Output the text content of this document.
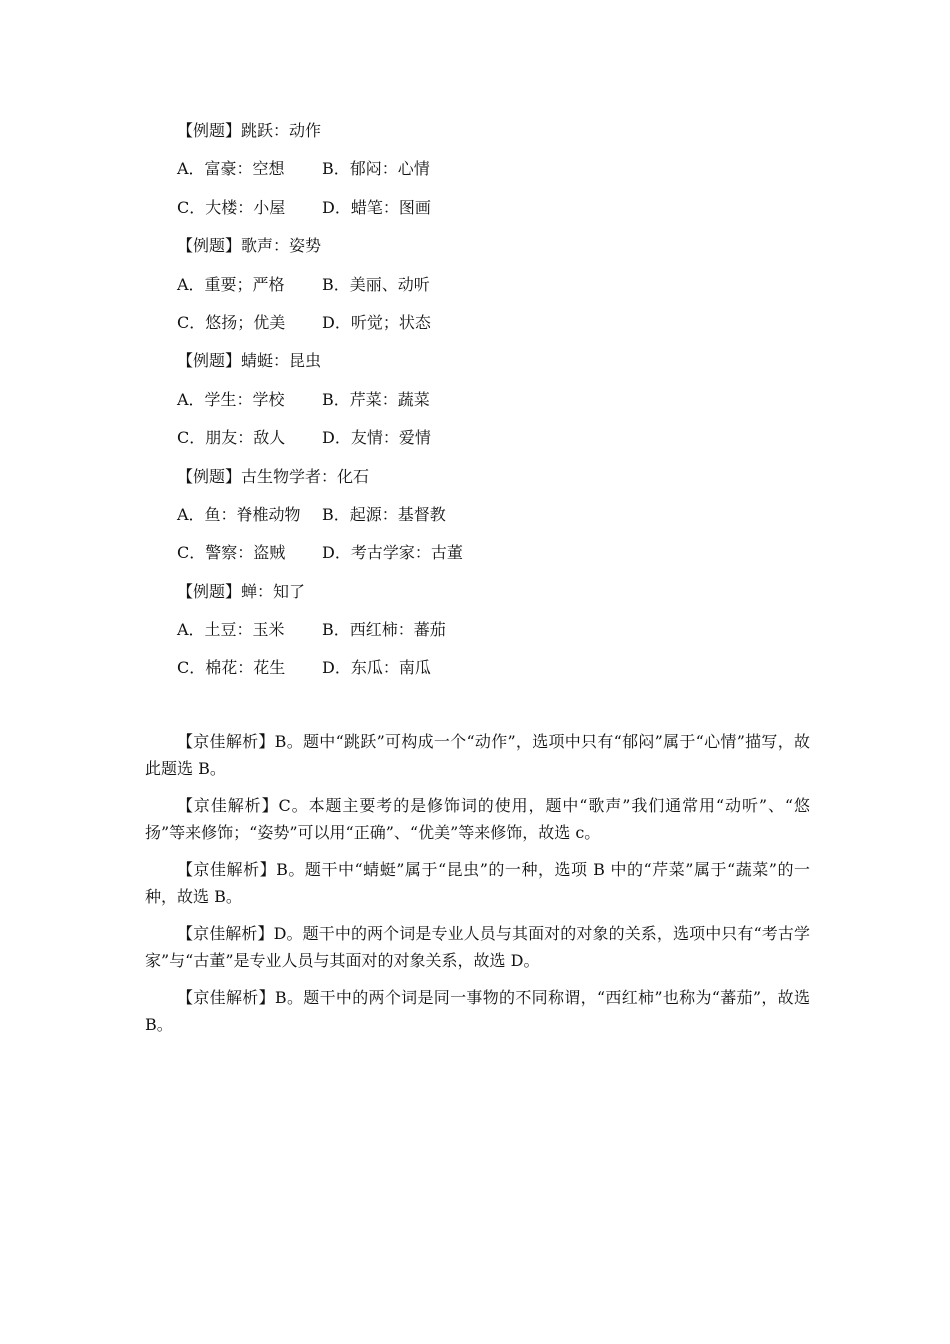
【例题】跳跃：动作
A．富豪：空想	B．郁闷：心情
C．大楼：小屋	D．蜡笔：图画
【例题】歌声：姿势
A．重要；严格	B．美丽、动听
C．悠扬；优美	D．听觉；状态
【例题】蜻蜓：昆虫
A．学生：学校	B．芹菜：蔬菜
C．朋友：敌人	D．友情：爱情
【例题】古生物学者：化石
A．鱼：脊椎动物	B．起源：基督教
C．警察：盗贼	D．考古学家：古董
【例题】蝉：知了
A．土豆：玉米	B．西红柿：蕃茄
C．棉花：花生	D．东瓜：南瓜

【京佳解析】B。题中“跳跃”可构成一个“动作”，选项中只有“郁闷”属于“心情”描写，故此题选 B。

【京佳解析】C。本题主要考的是修饰词的使用，题中“歌声”我们通常用“动听”、“悠扬”等来修饰；“姿势”可以用“正确”、“优美”等来修饰，故选 c。

【京佳解析】B。题干中“蜻蜓”属于“昆虫”的一种，选项 B 中的“芹菜”属于“蔬菜”的一种，故选 B。

【京佳解析】D。题干中的两个词是专业人员与其面对的对象的关系，选项中只有“考古学家”与“古董”是专业人员与其面对的对象关系，故选 D。

【京佳解析】B。题干中的两个词是同一事物的不同称谓，“西红柿”也称为“蕃茄”，故选 B。
